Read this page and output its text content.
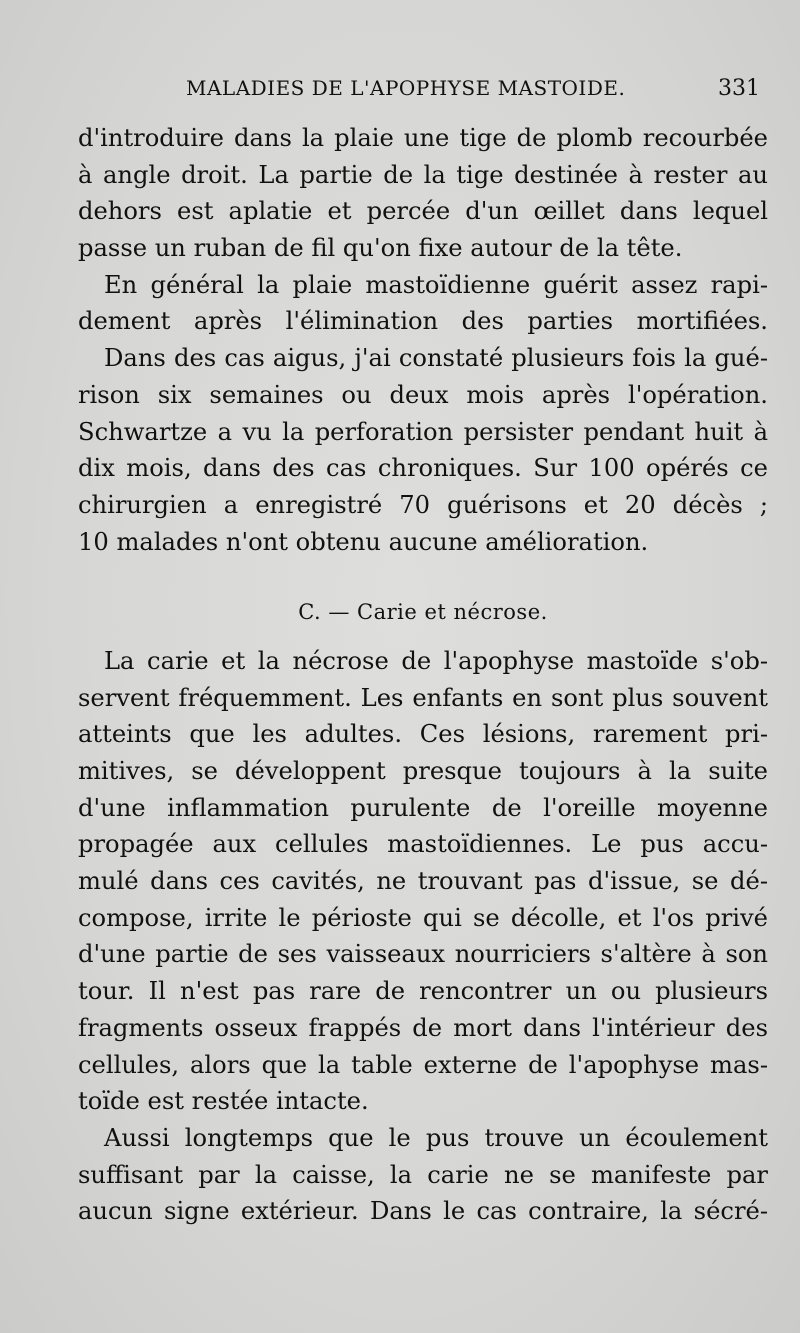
MALADIES DE L'APOPHYSE MASTOIDE.	331
d'introduire dans la plaie une tige de plomb recourbée
à angle droit. La partie de la tige destinée à rester au
dehors est aplatie et percée d'un œillet dans lequel
passe un ruban de fil qu'on fixe autour de la tête.
En général la plaie mastoïdienne guérit assez rapi-
dement après l'élimination des parties mortifiées.
Dans des cas aigus, j'ai constaté plusieurs fois la gué-
rison six semaines ou deux mois après l'opération.
Schwartze a vu la perforation persister pendant huit à
dix mois, dans des cas chroniques. Sur 100 opérés ce
chirurgien a enregistré 70 guérisons et 20 décès ;
10 malades n'ont obtenu aucune amélioration.
C. — Carie et nécrose.
La carie et la nécrose de l'apophyse mastoïde s'ob-
servent fréquemment. Les enfants en sont plus souvent
atteints que les adultes. Ces lésions, rarement pri-
mitives, se développent presque toujours à la suite
d'une inflammation purulente de l'oreille moyenne
propagée aux cellules mastoïdiennes. Le pus accu-
mulé dans ces cavités, ne trouvant pas d'issue, se dé-
compose, irrite le périoste qui se décolle, et l'os privé
d'une partie de ses vaisseaux nourriciers s'altère à son
tour. Il n'est pas rare de rencontrer un ou plusieurs
fragments osseux frappés de mort dans l'intérieur des
cellules, alors que la table externe de l'apophyse mas-
toïde est restée intacte.
Aussi longtemps que le pus trouve un écoulement
suffisant par la caisse, la carie ne se manifeste par
aucun signe extérieur. Dans le cas contraire, la sécré-
